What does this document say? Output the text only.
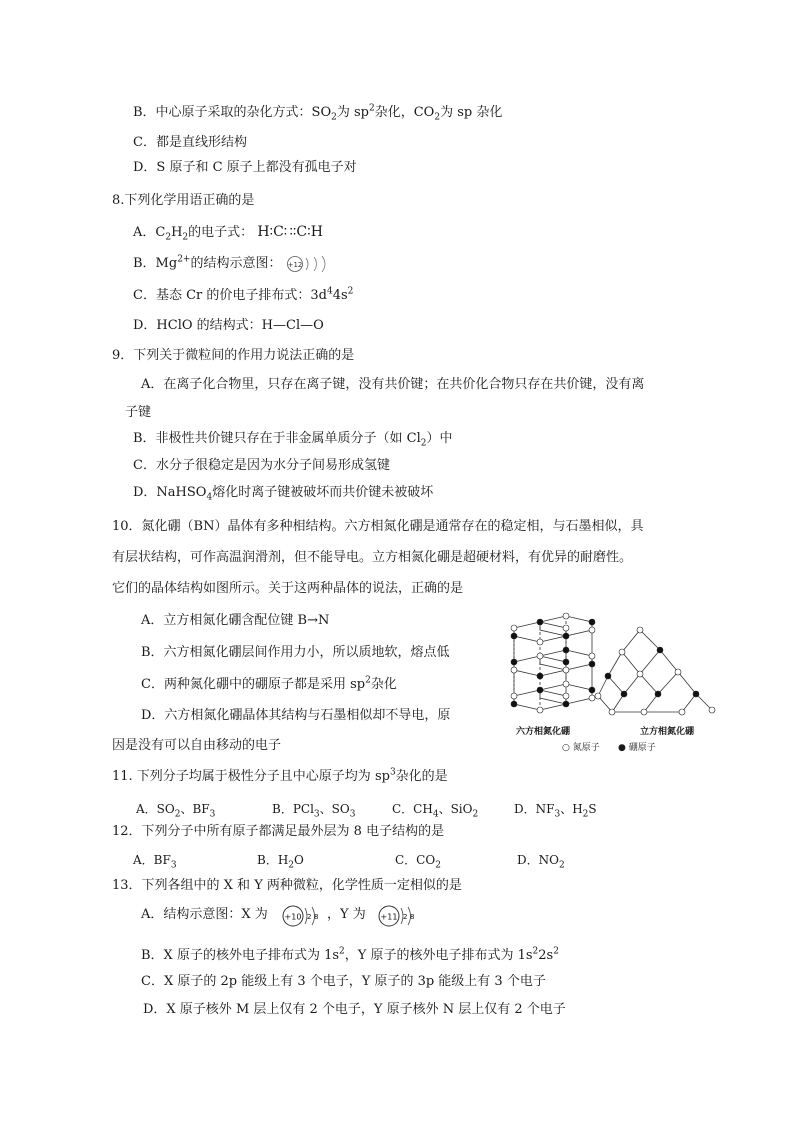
B．中心原子采取的杂化方式：$SO_2$为 $sp^2$杂化，$CO_2$为 sp 杂化
C．都是直线形结构
D．S 原子和 C 原子上都没有孤电子对
8.下列化学用语正确的是
A．$C_2H_2$的电子式： H∶C∷∶C∶H
B．$Mg^{2+}$的结构示意图： +12
C．基态 Cr 的价电子排布式：$3d^44s^2$
D．HClO 的结构式：H—Cl—O
9．下列关于微粒间的作用力说法正确的是
A．在离子化合物里，只存在离子键，没有共价键；在共价化合物只存在共价键，没有离
子键
B．非极性共价键只存在于非金属单质分子（如 $Cl_2$）中
C．水分子很稳定是因为水分子间易形成氢键
D．NaHSO$_4$熔化时离子键被破坏而共价键未被破坏
10．氮化硼（BN）晶体有多种相结构。六方相氮化硼是通常存在的稳定相，与石墨相似，具
有层状结构，可作高温润滑剂，但不能导电。立方相氮化硼是超硬材料，有优异的耐磨性。
它们的晶体结构如图所示。关于这两种晶体的说法，正确的是
A．立方相氮化硼含配位键 B→N
B．六方相氮化硼层间作用力小，所以质地软，熔点低
C．两种氮化硼中的硼原子都是采用 $sp^2$杂化
D．六方相氮化硼晶体其结构与石墨相似却不导电，原
因是没有可以自由移动的电子
六方相氮化硼	立方相氮化硼
○ 氮原子 ● 硼原子
11. 下列分子均属于极性分子且中心原子均为 $sp^3$杂化的是
A．$SO_2$、$BF_3$	B．PCl$_3$、$SO_3$	C．$CH_4$、SiO$_2$	D．$NF_3$、$H_2S$
12．下列分子中所有原子都满足最外层为 8 电子结构的是
A．$BF_3$	B．$H_2O$	C．$CO_2$	D．$NO_2$
13．下列各组中的 X 和 Y 两种微粒，化学性质一定相似的是
A．结构示意图：X 为 +10 2 8 ，Y 为 +11 2 8
B．X 原子的核外电子排布式为 $1s^2$，Y 原子的核外电子排布式为 $1s^22s^2$
C．X 原子的 2p 能级上有 3 个电子，Y 原子的 3p 能级上有 3 个电子
D．X 原子核外 M 层上仅有 2 个电子，Y 原子核外 N 层上仅有 2 个电子
